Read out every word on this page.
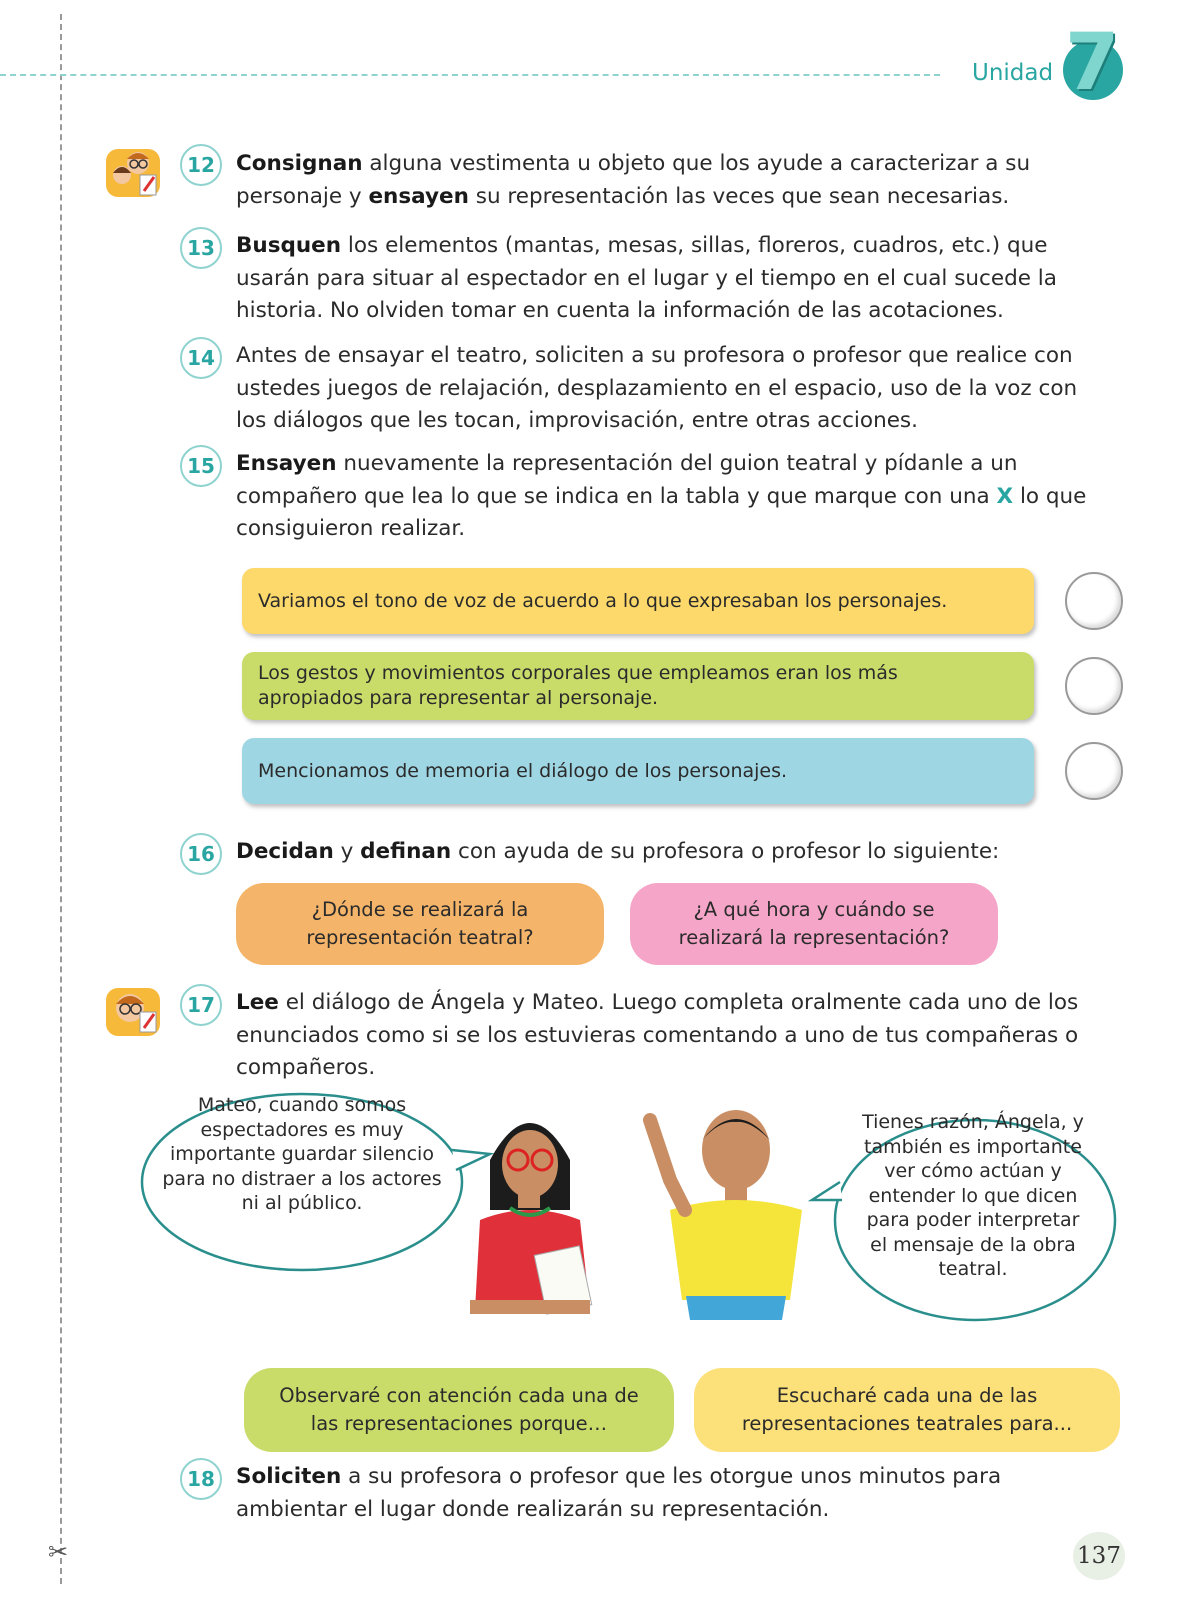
✂
Unidad 7
12 Consignan alguna vestimenta u objeto que los ayude a caracterizar a su personaje y ensayen su representación las veces que sean necesarias.
13 Busquen los elementos (mantas, mesas, sillas, floreros, cuadros, etc.) que usarán para situar al espectador en el lugar y el tiempo en el cual sucede la historia. No olviden tomar en cuenta la información de las acotaciones.
14 Antes de ensayar el teatro, soliciten a su profesora o profesor que realice con ustedes juegos de relajación, desplazamiento en el espacio, uso de la voz con los diálogos que les tocan, improvisación, entre otras acciones.
15 Ensayen nuevamente la representación del guion teatral y pídanle a un compañero que lea lo que se indica en la tabla y que marque con una X lo que consiguieron realizar.
Variamos el tono de voz de acuerdo a lo que expresaban los personajes.
Los gestos y movimientos corporales que empleamos eran los más apropiados para representar al personaje.
Mencionamos de memoria el diálogo de los personajes.
16 Decidan y definan con ayuda de su profesora o profesor lo siguiente:
¿Dónde se realizará la representación teatral?
¿A qué hora y cuándo se realizará la representación?
17 Lee el diálogo de Ángela y Mateo. Luego completa oralmente cada uno de los enunciados como si se los estuvieras comentando a uno de tus compañeras o compañeros.
Mateo, cuando somos espectadores es muy importante guardar silencio para no distraer a los actores ni al público.
Tienes razón, Ángela, y también es importante ver cómo actúan y entender lo que dicen para poder interpretar el mensaje de la obra teatral.
Observaré con atención cada una de las representaciones porque…
Escucharé cada una de las representaciones teatrales para...
18 Soliciten a su profesora o profesor que les otorgue unos minutos para ambientar el lugar donde realizarán su representación.
137
